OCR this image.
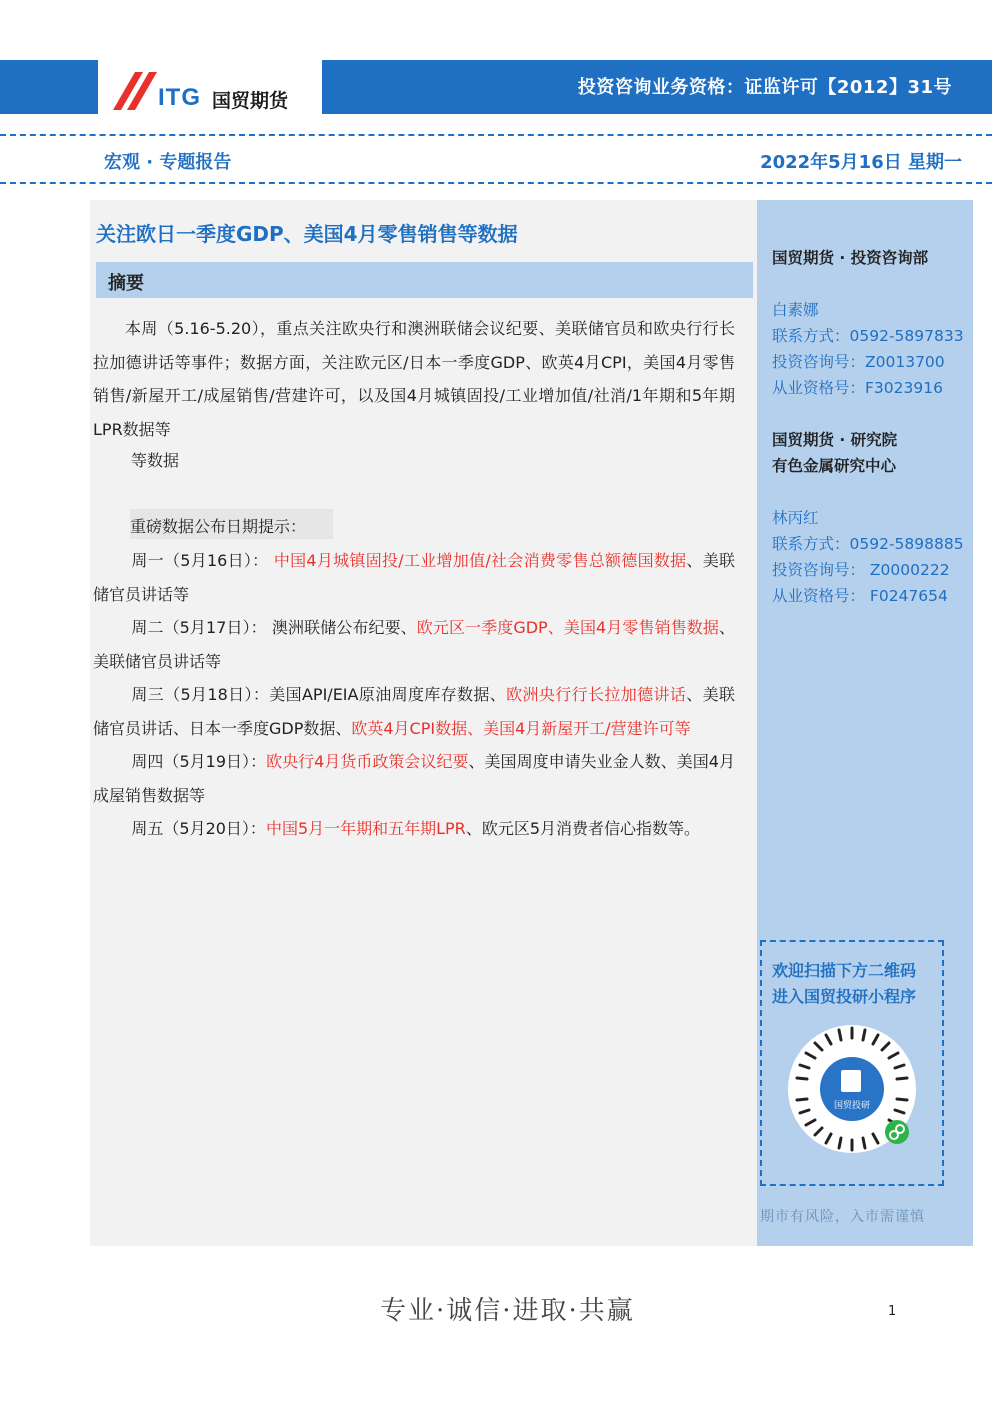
ITG 国贸期货
投资咨询业务资格：证监许可【2012】31号
宏观 · 专题报告	2022年5月16日 星期一
关注欧日一季度GDP、美国4月零售销售等数据
摘要
本周（5.16-5.20），重点关注欧央行和澳洲联储会议纪要、美联储官员和欧央行行长拉加德讲话等事件；数据方面，关注欧元区/日本一季度GDP、欧英4月CPI，美国4月零售销售/新屋开工/成屋销售/营建许可，以及国4月城镇固投/工业增加值/社消/1年期和5年期LPR数据等
等数据
重磅数据公布日期提示：

周一（5月16日）： 中国4月城镇固投/工业增加值/社会消费零售总额德国数据、美联储官员讲话等

周二（5月17日）： 澳洲联储公布纪要、欧元区一季度GDP、美国4月零售销售数据、美联储官员讲话等

周三（5月18日）：美国API/EIA原油周度库存数据、欧洲央行行长拉加德讲话、美联储官员讲话、日本一季度GDP数据、欧英4月CPI数据、美国4月新屋开工/营建许可等

周四（5月19日）：欧央行4月货币政策会议纪要、美国周度申请失业金人数、美国4月成屋销售数据等

周五（5月20日）：中国5月一年期和五年期LPR、欧元区5月消费者信心指数等。

国贸期货 · 投资咨询部
白素娜
联系方式：0592-5897833
投资咨询号：Z0013700
从业资格号：F3023916
国贸期货 · 研究院
有色金属研究中心
林丙红
联系方式：0592-5898885
投资咨询号： Z0000222
从业资格号： F0247654
欢迎扫描下方二维码
进入国贸投研小程序
国贸投研
期市有风险，入市需谨慎
专业·诚信·进取·共赢	1
